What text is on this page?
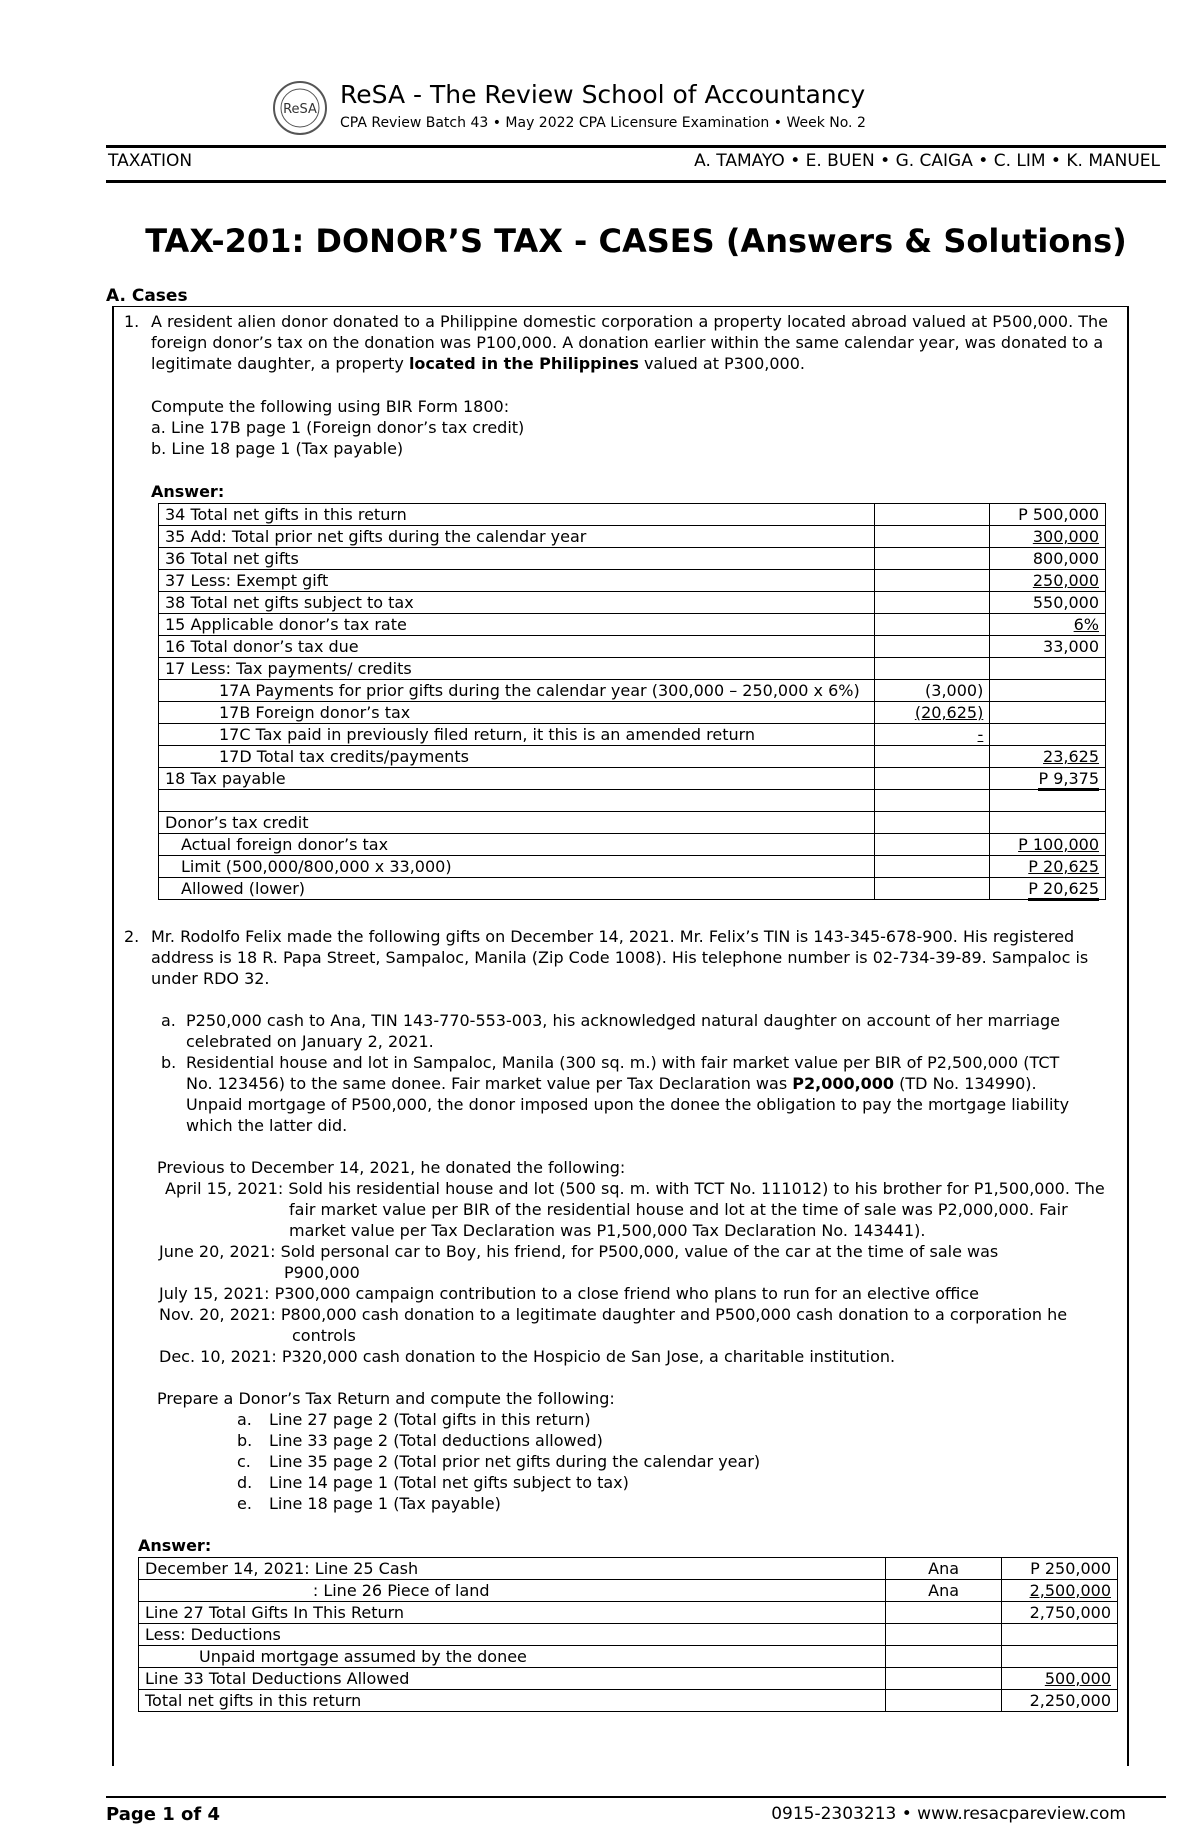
ReSA
ReSA - The Review School of Accountancy
CPA Review Batch 43 • May 2022 CPA Licensure Examination • Week No. 2
TAXATION	A. TAMAYO • E. BUEN • G. CAIGA • C. LIM • K. MANUEL
TAX-201: DONOR’S TAX - CASES (Answers & Solutions)
A. Cases
1. A resident alien donor donated to a Philippine domestic corporation a property located abroad valued at P500,000. The
foreign donor’s tax on the donation was P100,000. A donation earlier within the same calendar year, was donated to a
legitimate daughter, a property located in the Philippines valued at P300,000.
Compute the following using BIR Form 1800:
a. Line 17B page 1 (Foreign donor’s tax credit)
b. Line 18 page 1 (Tax payable)
Answer:
34 Total net gifts in this return		P 500,000
35 Add: Total prior net gifts during the calendar year		300,000
36 Total net gifts		800,000
37 Less: Exempt gift		250,000
38 Total net gifts subject to tax		550,000
15 Applicable donor’s tax rate		6%
16 Total donor’s tax due		33,000
17 Less: Tax payments/ credits		
17A Payments for prior gifts during the calendar year (300,000 – 250,000 x 6%)	(3,000)	
17B Foreign donor’s tax	(20,625)	
17C Tax paid in previously filed return, it this is an amended return	-	
17D Total tax credits/payments		23,625
18 Tax payable		P 9,375

Donor’s tax credit		
Actual foreign donor’s tax		P 100,000
Limit (500,000/800,000 x 33,000)		P 20,625
Allowed (lower)		P 20,625
2. Mr. Rodolfo Felix made the following gifts on December 14, 2021. Mr. Felix’s TIN is 143-345-678-900. His registered
address is 18 R. Papa Street, Sampaloc, Manila (Zip Code 1008). His telephone number is 02-734-39-89. Sampaloc is
under RDO 32.
a. P250,000 cash to Ana, TIN 143-770-553-003, his acknowledged natural daughter on account of her marriage
celebrated on January 2, 2021.
b. Residential house and lot in Sampaloc, Manila (300 sq. m.) with fair market value per BIR of P2,500,000 (TCT
No. 123456) to the same donee. Fair market value per Tax Declaration was P2,000,000 (TD No. 134990).
Unpaid mortgage of P500,000, the donor imposed upon the donee the obligation to pay the mortgage liability
which the latter did.
Previous to December 14, 2021, he donated the following:
April 15, 2021: Sold his residential house and lot (500 sq. m. with TCT No. 111012) to his brother for P1,500,000. The
fair market value per BIR of the residential house and lot at the time of sale was P2,000,000. Fair
market value per Tax Declaration was P1,500,000 Tax Declaration No. 143441).
June 20, 2021: Sold personal car to Boy, his friend, for P500,000, value of the car at the time of sale was
P900,000
July 15, 2021: P300,000 campaign contribution to a close friend who plans to run for an elective office
Nov. 20, 2021: P800,000 cash donation to a legitimate daughter and P500,000 cash donation to a corporation he
controls
Dec. 10, 2021: P320,000 cash donation to the Hospicio de San Jose, a charitable institution.
Prepare a Donor’s Tax Return and compute the following:
a. Line 27 page 2 (Total gifts in this return)
b. Line 33 page 2 (Total deductions allowed)
c. Line 35 page 2 (Total prior net gifts during the calendar year)
d. Line 14 page 1 (Total net gifts subject to tax)
e. Line 18 page 1 (Tax payable)
Answer:
December 14, 2021: Line 25 Cash	Ana	P 250,000
: Line 26 Piece of land	Ana	2,500,000
Line 27 Total Gifts In This Return		2,750,000
Less: Deductions		
Unpaid mortgage assumed by the donee		
Line 33 Total Deductions Allowed		500,000
Total net gifts in this return		2,250,000
Page 1 of 4	0915-2303213 • www.resacpareview.com
